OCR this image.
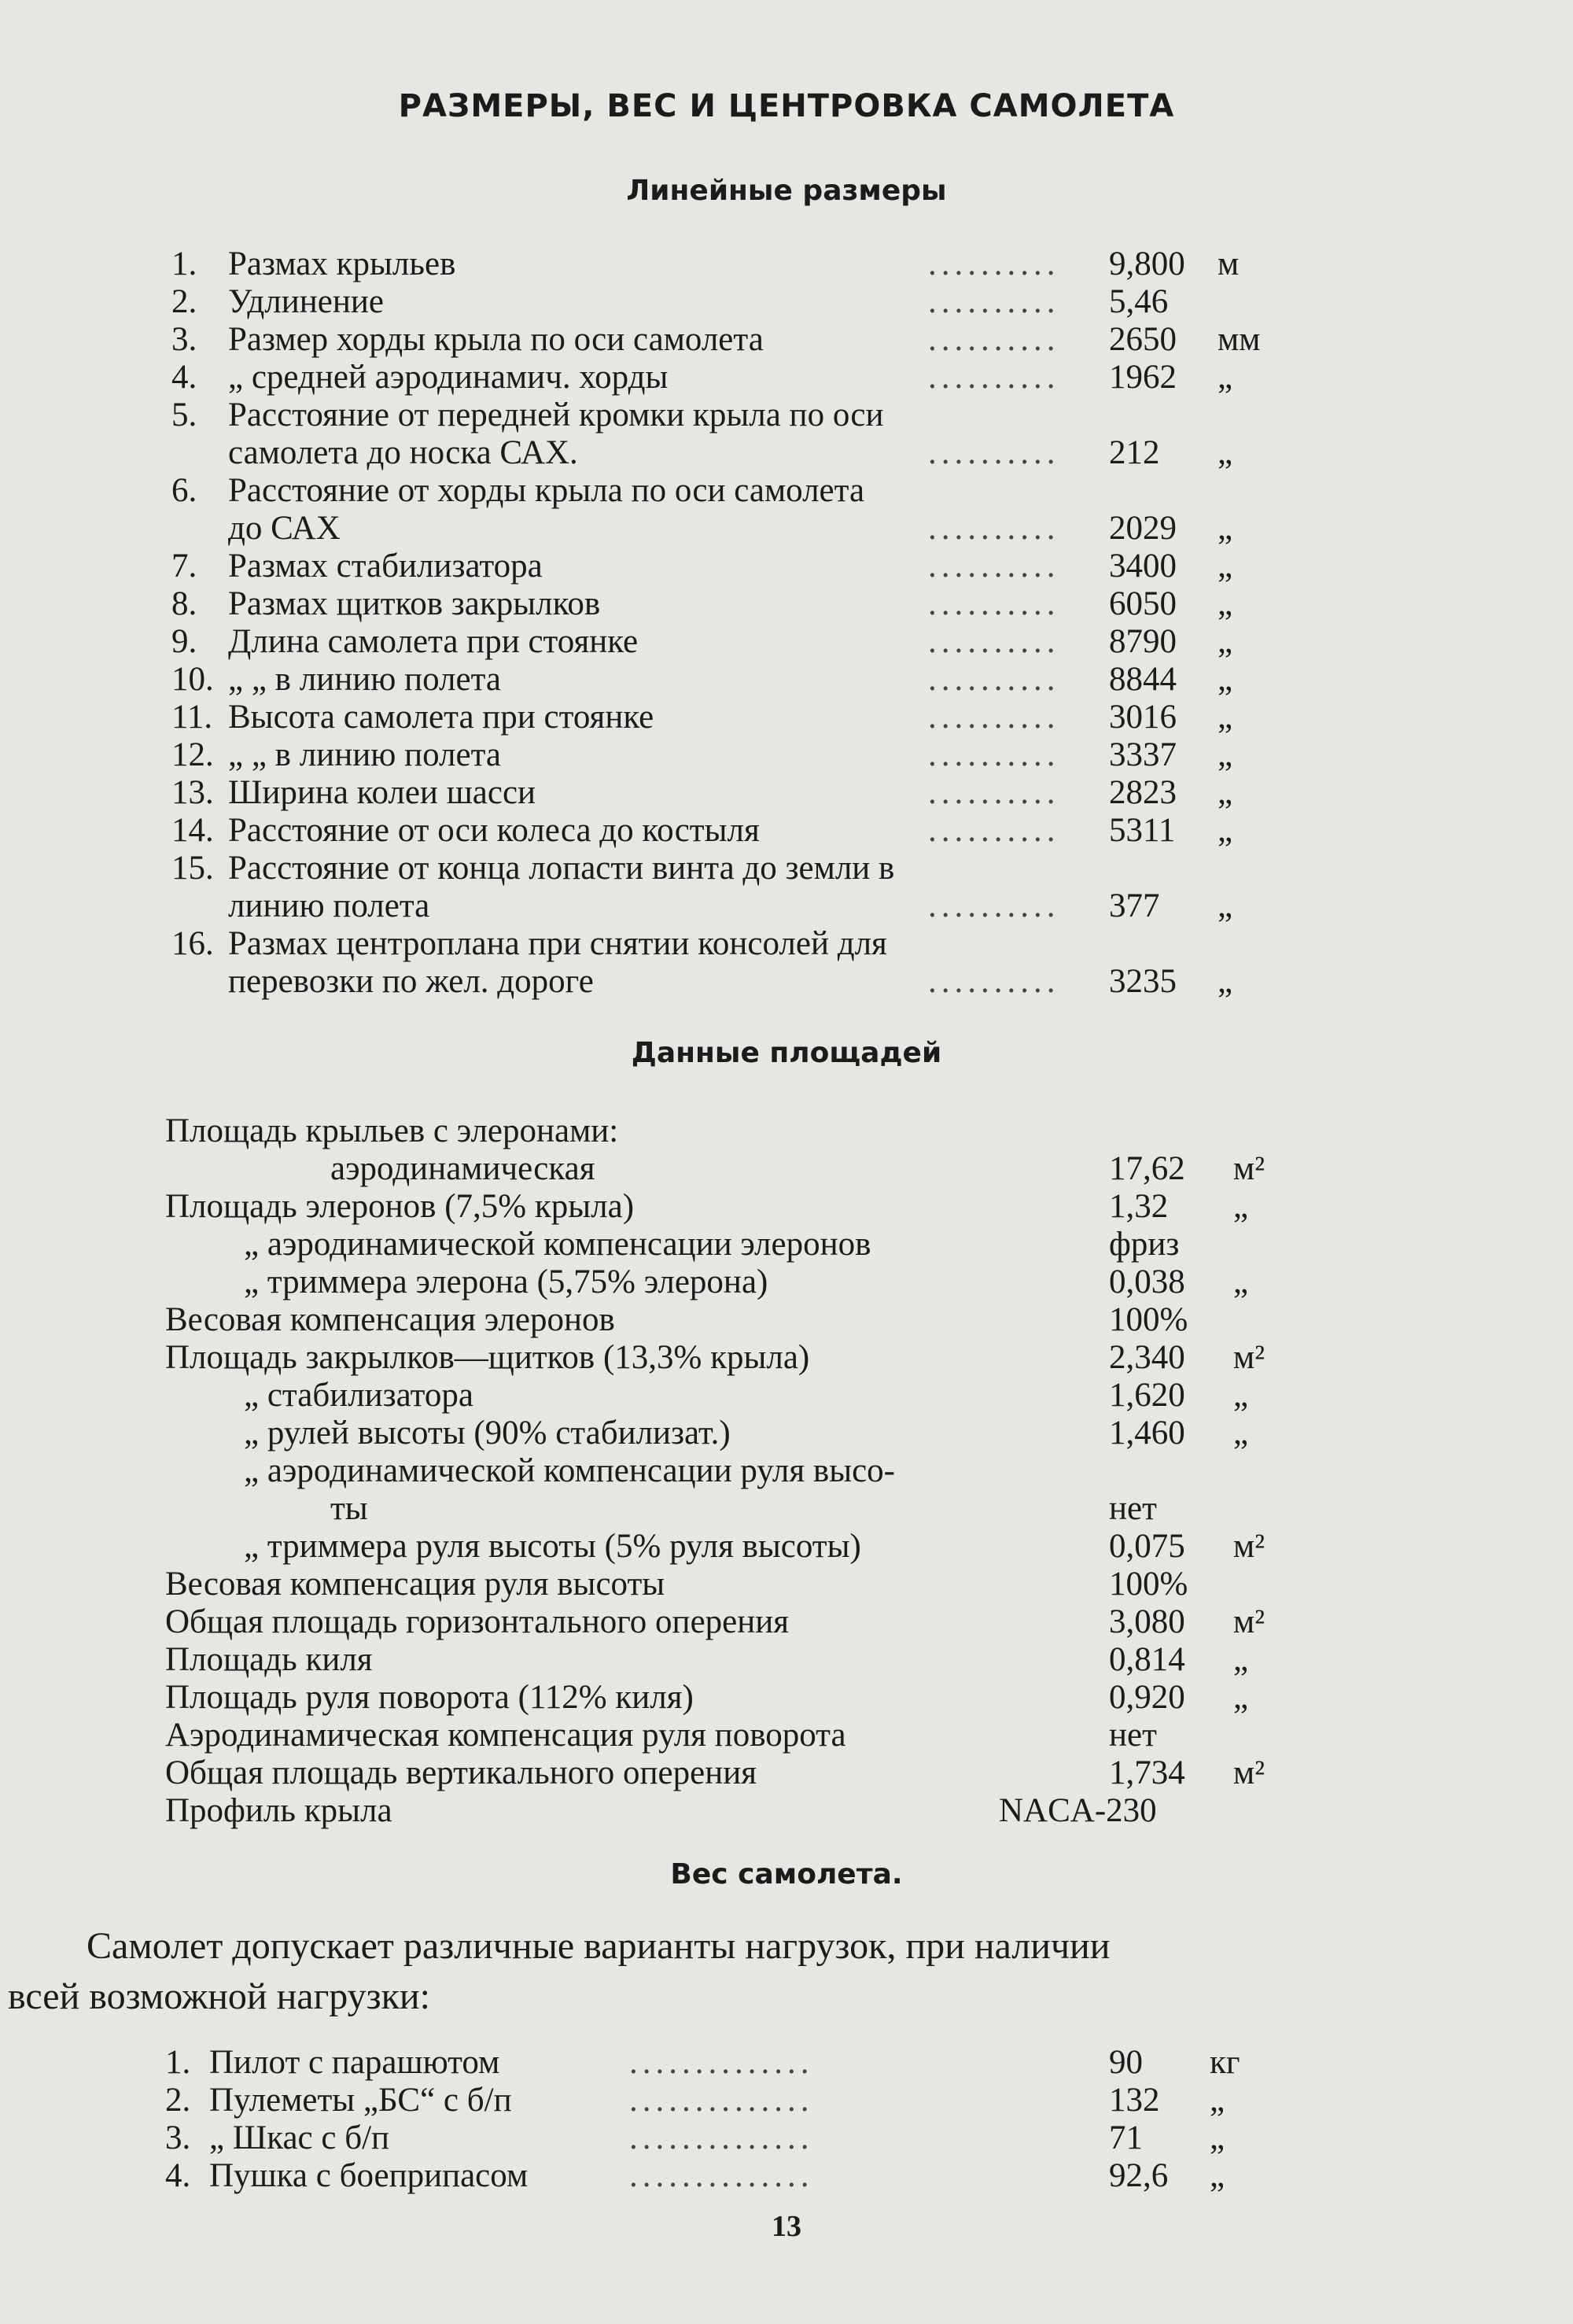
РАЗМЕРЫ, ВЕС И ЦЕНТРОВКА САМОЛЕТА
Линейные размеры
1. Размах крыльев	.......... 9,800 м
2. Удлинение	.......... 5,46
3. Размер хорды крыла по оси самолета	.......... 2650 мм
4. „ средней аэродинамич. хорды	.......... 1962 „
5. Расстояние от передней кромки крыла по оси
самолета до носка САХ.	.......... 212 „
6. Расстояние от хорды крыла по оси самолета
до САХ	.......... 2029 „
7. Размах стабилизатора	.......... 3400 „
8. Размах щитков закрылков	.......... 6050 „
9. Длина самолета при стоянке	.......... 8790 „
10. „ „ в линию полета	.......... 8844 „
11. Высота самолета при стоянке	.......... 3016 „
12. „ „ в линию полета	.......... 3337 „
13. Ширина колеи шасси	.......... 2823 „
14. Расстояние от оси колеса до костыля	.......... 5311 „
15. Расстояние от конца лопасти винта до земли в
линию полета	.......... 377 „
16. Размах центроплана при снятии консолей для
перевозки по жел. дороге	.......... 3235 „
Данные площадей
Площадь крыльев с элеронами:
аэродинамическая	17,62 м²
Площадь элеронов (7,5% крыла)	1,32 „
„ аэродинамической компенсации элеронов	фриз
„ триммера элерона (5,75% элерона)	0,038 „
Весовая компенсация элеронов	100%
Площадь закрылков—щитков (13,3% крыла)	2,340 м²
„ стабилизатора	1,620 „
„ рулей высоты (90% стабилизат.)	1,460 „
„ аэродинамической компенсации руля высо-
ты	нет
„ триммера руля высоты (5% руля высоты)	0,075 м²
Весовая компенсация руля высоты	100%
Общая площадь горизонтального оперения	3,080 м²
Площадь киля	0,814 „
Площадь руля поворота (112% киля)	0,920 „
Аэродинамическая компенсация руля поворота	нет
Общая площадь вертикального оперения	1,734 м²
Профиль крыла	NACA-230
Вес самолета.
Самолет допускает различные варианты нагрузок, при наличии
всей возможной нагрузки:
1. Пилот с парашютом	..............	90 кг
2. Пулеметы „БС“ с б/п	..............	132 „
3. „ Шкас с б/п	..............	71 „
4. Пушка с боеприпасом	..............	92,6 „
13
